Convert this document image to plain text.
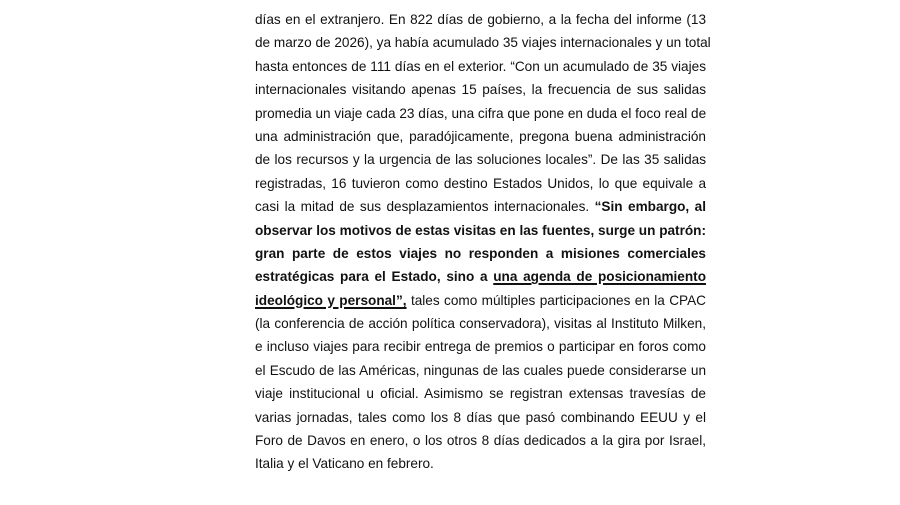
días en el extranjero. En 822 días de gobierno, a la fecha del informe (13
de marzo de 2026), ya había acumulado 35 viajes internacionales y un total
hasta entonces de 111 días en el exterior. “Con un acumulado de 35 viajes
internacionales visitando apenas 15 países, la frecuencia de sus salidas
promedia un viaje cada 23 días, una cifra que pone en duda el foco real de
una administración que, paradójicamente, pregona buena administración
de los recursos y la urgencia de las soluciones locales”. De las 35 salidas
registradas, 16 tuvieron como destino Estados Unidos, lo que equivale a
casi la mitad de sus desplazamientos internacionales. “Sin embargo, al
observar los motivos de estas visitas en las fuentes, surge un patrón:
gran parte de estos viajes no responden a misiones comerciales
estratégicas para el Estado, sino a una agenda de posicionamiento
ideológico y personal”, tales como múltiples participaciones en la CPAC
(la conferencia de acción política conservadora), visitas al Instituto Milken,
e incluso viajes para recibir entrega de premios o participar en foros como
el Escudo de las Américas, ningunas de las cuales puede considerarse un
viaje institucional u oficial. Asimismo se registran extensas travesías de
varias jornadas, tales como los 8 días que pasó combinando EEUU y el
Foro de Davos en enero, o los otros 8 días dedicados a la gira por Israel,
Italia y el Vaticano en febrero.
